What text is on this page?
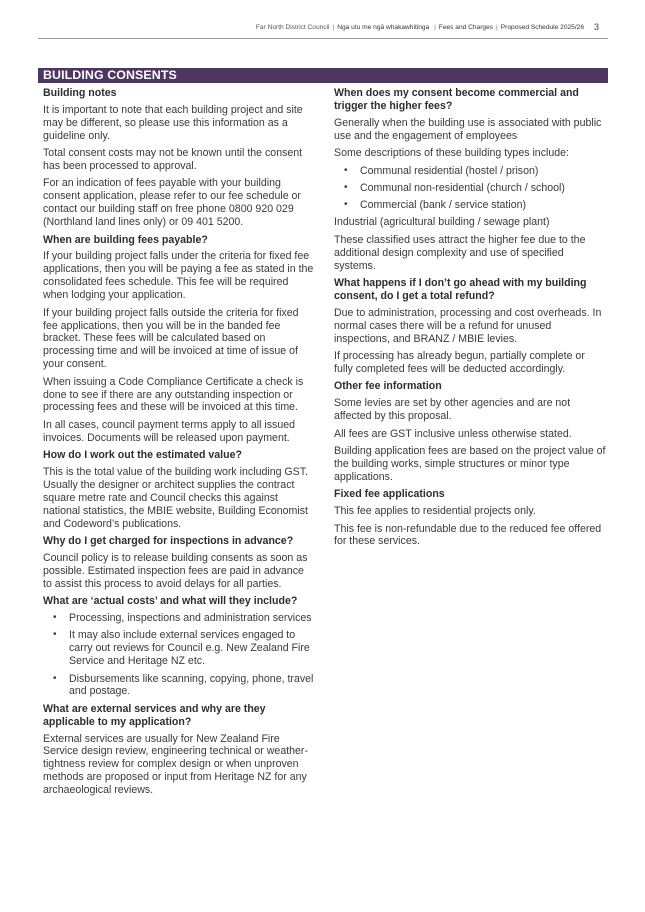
Far North District Council | Nga utu me ngā whakawhitinga | Fees and Charges | Proposed Schedule 2025/26 3
BUILDING CONSENTS
Building notes
It is important to note that each building project and site may be different, so please use this information as a guideline only.
Total consent costs may not be known until the consent has been processed to approval.
For an indication of fees payable with your building consent application, please refer to our fee schedule or contact our building staff on free phone 0800 920 029 (Northland land lines only) or 09 401 5200.
When are building fees payable?
If your building project falls under the criteria for fixed fee applications, then you will be paying a fee as stated in the consolidated fees schedule. This fee will be required when lodging your application.
If your building project falls outside the criteria for fixed fee applications, then you will be in the banded fee bracket. These fees will be calculated based on processing time and will be invoiced at time of issue of your consent.
When issuing a Code Compliance Certificate a check is done to see if there are any outstanding inspection or processing fees and these will be invoiced at this time.
In all cases, council payment terms apply to all issued invoices. Documents will be released upon payment.
How do I work out the estimated value?
This is the total value of the building work including GST. Usually the designer or architect supplies the contract square metre rate and Council checks this against national statistics, the MBIE website, Building Economist and Codeword’s publications.
Why do I get charged for inspections in advance?
Council policy is to release building consents as soon as possible. Estimated inspection fees are paid in advance to assist this process to avoid delays for all parties.
What are ‘actual costs’ and what will they include?
• Processing, inspections and administration services
• It may also include external services engaged to carry out reviews for Council e.g. New Zealand Fire Service and Heritage NZ etc.
• Disbursements like scanning, copying, phone, travel and postage.
What are external services and why are they applicable to my application?
External services are usually for New Zealand Fire Service design review, engineering technical or weather-tightness review for complex design or when unproven methods are proposed or input from Heritage NZ for any archaeological reviews.
When does my consent become commercial and trigger the higher fees?
Generally when the building use is associated with public use and the engagement of employees
Some descriptions of these building types include:
• Communal residential (hostel / prison)
• Communal non-residential (church / school)
• Commercial (bank / service station)
Industrial (agricultural building / sewage plant)
These classified uses attract the higher fee due to the additional design complexity and use of specified systems.
What happens if I don’t go ahead with my building consent, do I get a total refund?
Due to administration, processing and cost overheads. In normal cases there will be a refund for unused inspections, and BRANZ / MBIE levies.
If processing has already begun, partially complete or fully completed fees will be deducted accordingly.
Other fee information
Some levies are set by other agencies and are not affected by this proposal.
All fees are GST inclusive unless otherwise stated.
Building application fees are based on the project value of the building works, simple structures or minor type applications.
Fixed fee applications
This fee applies to residential projects only.
This fee is non-refundable due to the reduced fee offered for these services.
